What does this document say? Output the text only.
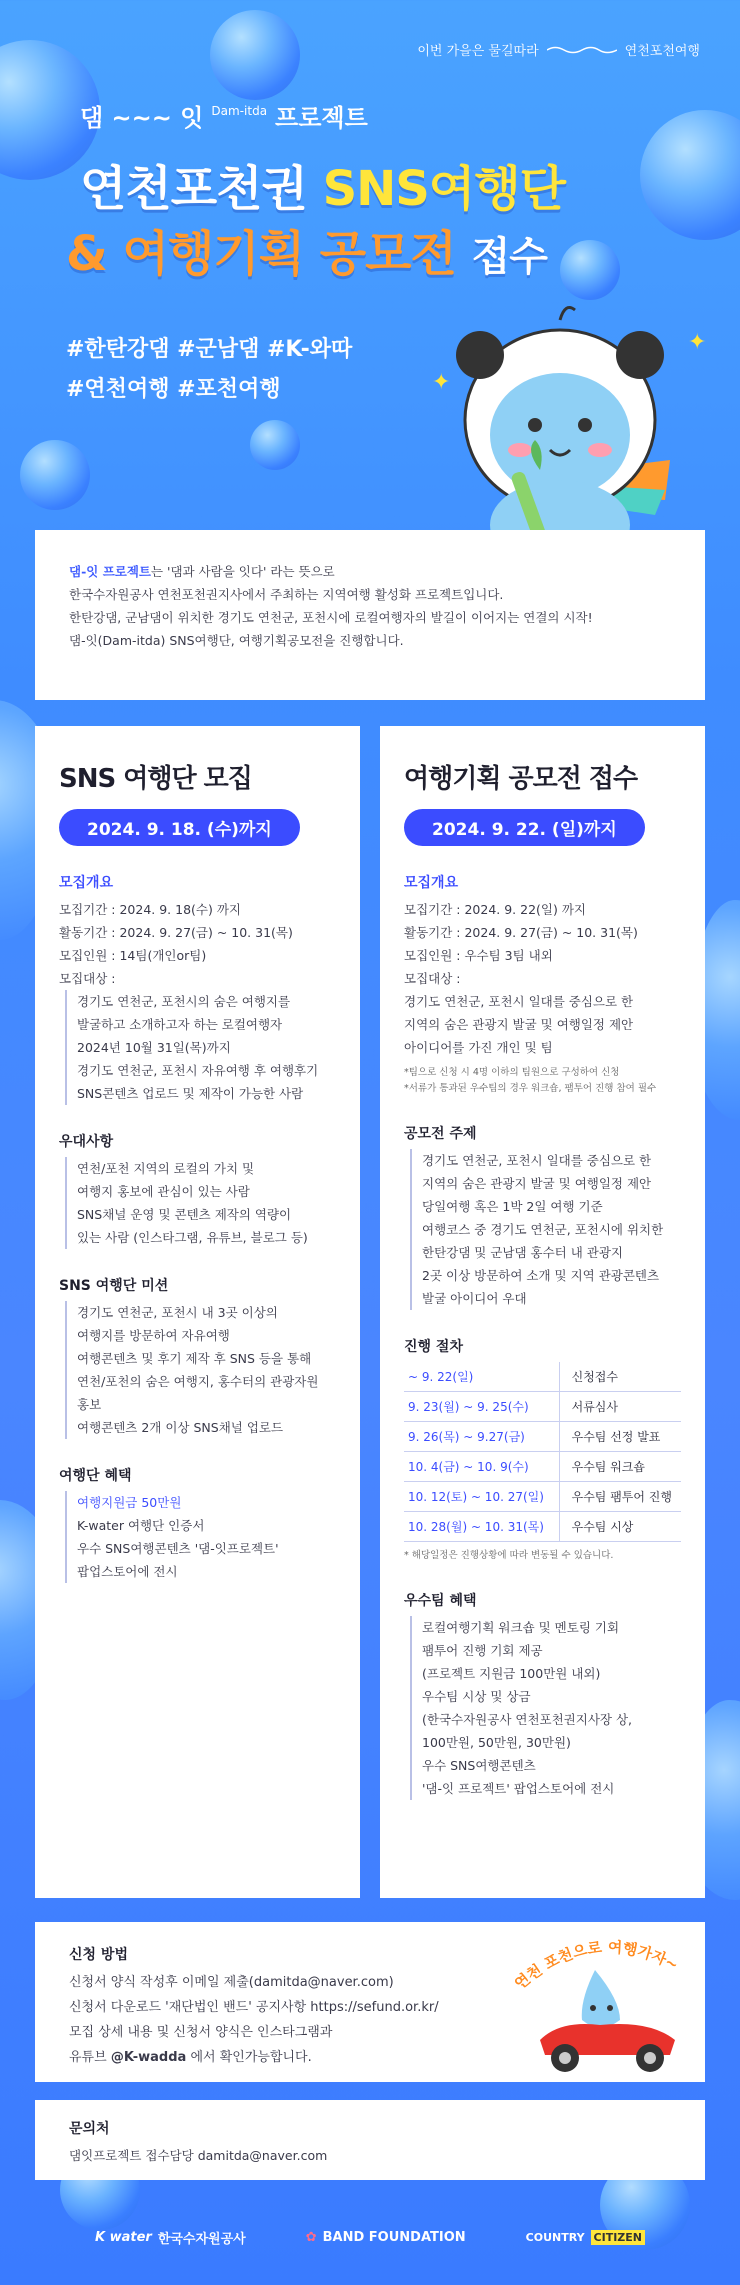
이번 가을은 물길따라	연천포천여행
댐 ~~~ 잇 Dam-itda 프로젝트
연천포천권 SNS여행단
& 여행기획 공모전 접수
#한탄강댐 #군남댐 #K-와따
#연천여행 #포천여행	✦
✦
댐-잇 프로젝트는 '댐과 사람을 잇다' 라는 뜻으로
한국수자원공사 연천포천권지사에서 주최하는 지역여행 활성화 프로젝트입니다.
한탄강댐, 군남댐이 위치한 경기도 연천군, 포천시에 로컬여행자의 발길이 이어지는 연결의 시작!
댐-잇(Dam-itda) SNS여행단, 여행기획공모전을 진행합니다.
SNS 여행단 모집
2024. 9. 18. (수)까지
모집개요
모집기간 : 2024. 9. 18(수) 까지
활동기간 : 2024. 9. 27(금) ~ 10. 31(목)
모집인원 : 14팀(개인or팀)
모집대상 :
경기도 연천군, 포천시의 숨은 여행지를
발굴하고 소개하고자 하는 로컬여행자
2024년 10월 31일(목)까지
경기도 연천군, 포천시 자유여행 후 여행후기
SNS콘텐츠 업로드 및 제작이 가능한 사람
우대사항
연천/포천 지역의 로컬의 가치 및
여행지 홍보에 관심이 있는 사람
SNS채널 운영 및 콘텐츠 제작의 역량이
있는 사람 (인스타그램, 유튜브, 블로그 등)
SNS 여행단 미션
경기도 연천군, 포천시 내 3곳 이상의
여행지를 방문하여 자유여행
여행콘텐츠 및 후기 제작 후 SNS 등을 통해
연천/포천의 숨은 여행지, 홍수터의 관광자원
홍보
여행콘텐츠 2개 이상 SNS채널 업로드
여행단 혜택
여행지원금 50만원
K-water 여행단 인증서
우수 SNS여행콘텐츠 '댐-잇프로젝트'
팝업스토어에 전시
여행기획 공모전 접수
2024. 9. 22. (일)까지
모집개요
모집기간 : 2024. 9. 22(일) 까지
활동기간 : 2024. 9. 27(금) ~ 10. 31(목)
모집인원 : 우수팀 3팀 내외
모집대상 :
경기도 연천군, 포천시 일대를 중심으로 한
지역의 숨은 관광지 발굴 및 여행일정 제안
아이디어를 가진 개인 및 팀
*팀으로 신청 시 4명 이하의 팀원으로 구성하여 신청
*서류가 통과된 우수팀의 경우 워크숍, 팸투어 진행 참여 필수
공모전 주제
경기도 연천군, 포천시 일대를 중심으로 한
지역의 숨은 관광지 발굴 및 여행일정 제안
당일여행 혹은 1박 2일 여행 기준
여행코스 중 경기도 연천군, 포천시에 위치한
한탄강댐 및 군남댐 홍수터 내 관광지
2곳 이상 방문하여 소개 및 지역 관광콘텐츠
발굴 아이디어 우대
진행 절차
~ 9. 22(일)	신청접수
9. 23(월) ~ 9. 25(수)	서류심사
9. 26(목) ~ 9.27(금)	우수팀 선정 발표
10. 4(금) ~ 10. 9(수)	우수팀 워크숍
10. 12(토) ~ 10. 27(일)	우수팀 팸투어 진행
10. 28(월) ~ 10. 31(목)	우수팀 시상
* 해당일정은 진행상황에 따라 변동될 수 있습니다.
우수팀 혜택
로컬여행기획 워크숍 및 멘토링 기회
팸투어 진행 기회 제공
(프로젝트 지원금 100만원 내외)
우수팀 시상 및 상금
(한국수자원공사 연천포천권지사장 상,
100만원, 50만원, 30만원)
우수 SNS여행콘텐츠
'댐-잇 프로젝트' 팝업스토어에 전시
신청 방법
신청서 양식 작성후 이메일 제출(damitda@naver.com)
신청서 다운로드 '재단법인 밴드' 공지사항 https://sefund.or.kr/
모집 상세 내용 및 신청서 양식은 인스타그램과
유튜브 @K-wadda 에서 확인가능합니다.
연천 포천으로 여행가자~
문의처
댐잇프로젝트 접수담당 damitda@naver.com
K water 한국수자원공사	✿ BAND FOUNDATION	COUNTRY CITIZEN
